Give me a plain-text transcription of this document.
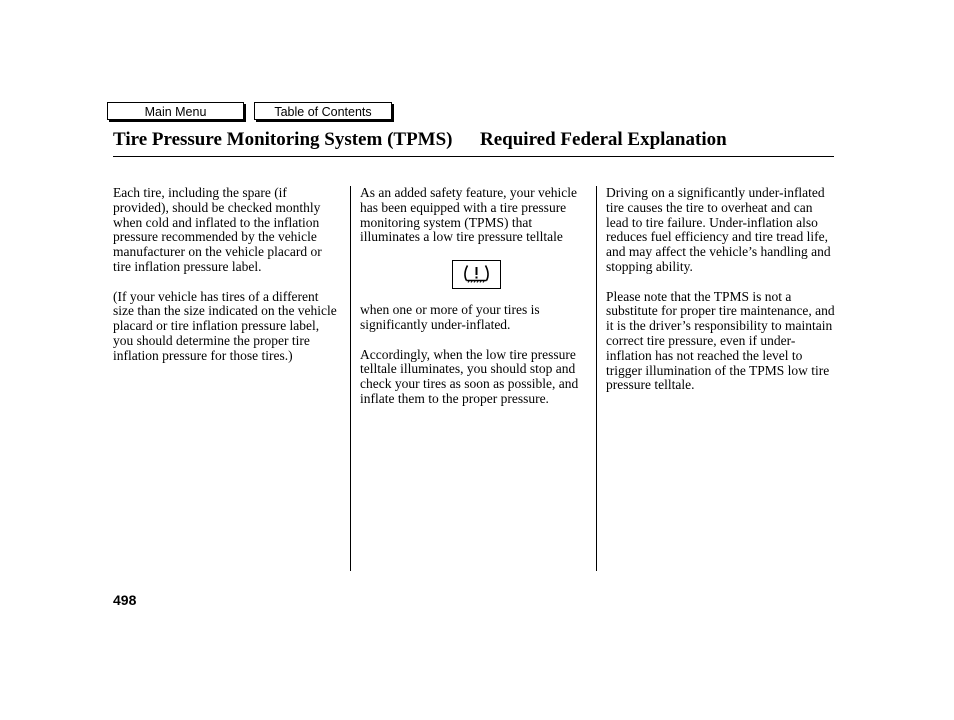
Main Menu	Table of Contents
Tire Pressure Monitoring System (TPMS) Required Federal Explanation

Each tire, including the spare (if provided), should be checked monthly when cold and inflated to the inflation pressure recommended by the vehicle manufacturer on the vehicle placard or tire inflation pressure label.

(If your vehicle has tires of a different size than the size indicated on the vehicle placard or tire inflation pressure label, you should determine the proper tire inflation pressure for those tires.)

As an added safety feature, your vehicle has been equipped with a tire pressure monitoring system (TPMS) that illuminates a low tire pressure telltale

when one or more of your tires is significantly under-inflated.

Accordingly, when the low tire pressure telltale illuminates, you should stop and check your tires as soon as possible, and inflate them to the proper pressure.

Driving on a significantly under-inflated tire causes the tire to overheat and can lead to tire failure. Under-inflation also reduces fuel efficiency and tire tread life, and may affect the vehicle’s handling and stopping ability.

Please note that the TPMS is not a substitute for proper tire maintenance, and it is the driver’s responsibility to maintain correct tire pressure, even if under-inflation has not reached the level to trigger illumination of the TPMS low tire pressure telltale.

498
